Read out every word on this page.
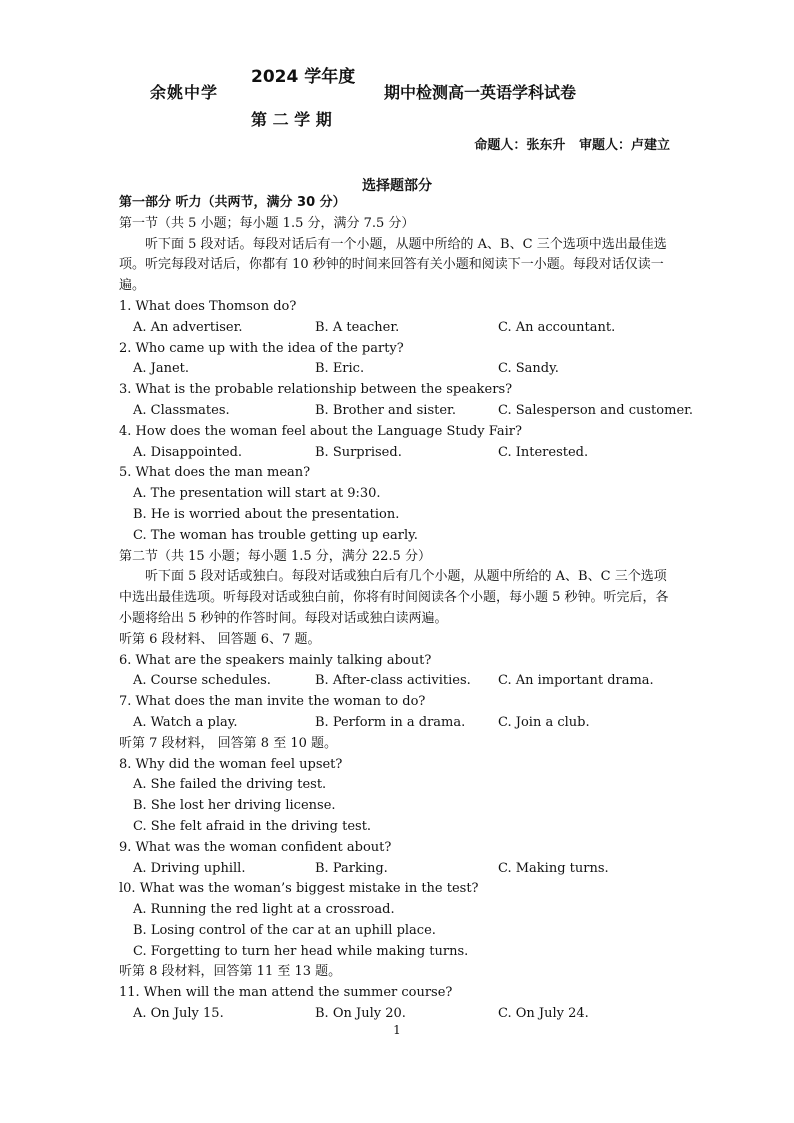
余姚中学
2024 学年度
第 二 学 期
期中检测高一英语学科试卷
命题人：张东升   审题人：卢建立
选择题部分
第一部分 听力（共两节，满分 30 分）
第一节（共 5 小题；每小题 1.5 分，满分 7.5 分）
听下面 5 段对话。每段对话后有一个小题，从题中所给的 A、B、C 三个选项中选出最佳选项。听完每段对话后，你都有 10 秒钟的时间来回答有关小题和阅读下一小题。每段对话仅读一遍。
1. What does Thomson do?
A. An advertiser.	B. A teacher.	C. An accountant.
2. Who came up with the idea of the party?
A. Janet.	B. Eric.	C. Sandy.
3. What is the probable relationship between the speakers?
A. Classmates.	B. Brother and sister.	C. Salesperson and customer.
4. How does the woman feel about the Language Study Fair?
A. Disappointed.	B. Surprised.	C. Interested.
5. What does the man mean?
A. The presentation will start at 9:30.
B. He is worried about the presentation.
C. The woman has trouble getting up early.
第二节（共 15 小题；每小题 1.5 分，满分 22.5 分）
听下面 5 段对话或独白。每段对话或独白后有几个小题，从题中所给的 A、B、C 三个选项中选出最佳选项。听每段对话或独白前，你将有时间阅读各个小题，每小题 5 秒钟。听完后，各小题将给出 5 秒钟的作答时间。每段对话或独白读两遍。
听第 6 段材料、 回答题 6、7 题。
6. What are the speakers mainly talking about?
A. Course schedules.	B. After-class activities. C. An important drama.
7. What does the man invite the woman to do?
A. Watch a play.	B. Perform in a drama.	C. Join a club.
听第 7 段材料， 回答第 8 至 10 题。
8. Why did the woman feel upset?
A. She failed the driving test.
B. She lost her driving license.
C. She felt afraid in the driving test.
9. What was the woman confident about?
A. Driving uphill.	B. Parking.	C. Making turns.
l0. What was the woman’s biggest mistake in the test?
A. Running the red light at a crossroad.
B. Losing control of the car at an uphill place.
C. Forgetting to turn her head while making turns.
听第 8 段材料，回答第 11 至 13 题。
11. When will the man attend the summer course?
A. On July 15.	B. On July 20.	C. On July 24.
1
